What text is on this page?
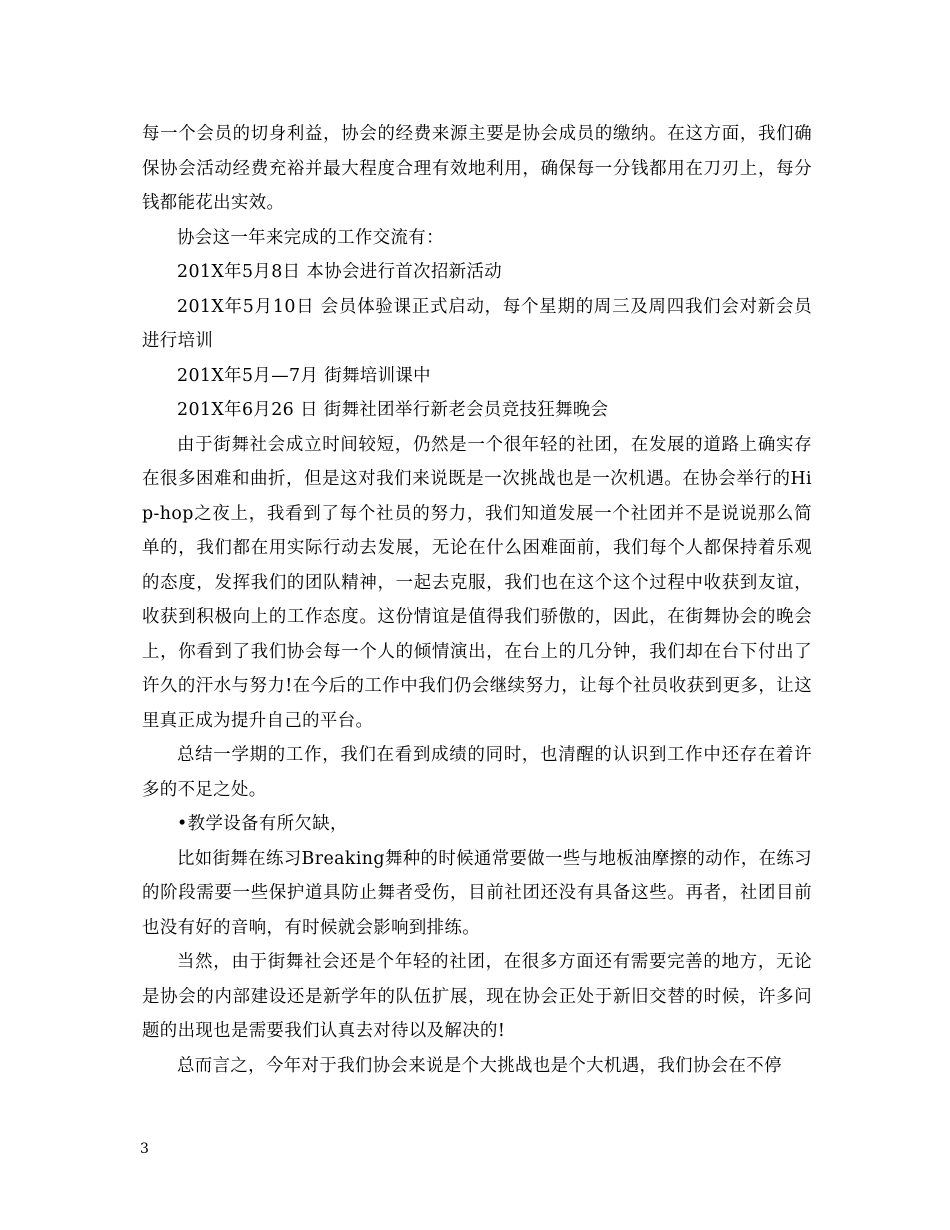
每一个会员的切身利益，协会的经费来源主要是协会成员的缴纳。在这方面，我们确保协会活动经费充裕并最大程度合理有效地利用，确保每一分钱都用在刀刃上，每分钱都能花出实效。

协会这一年来完成的工作交流有：

201X年5月8日 本协会进行首次招新活动

201X年5月10日 会员体验课正式启动，每个星期的周三及周四我们会对新会员进行培训

201X年5月—7月 街舞培训课中

201X年6月26 日 街舞社团举行新老会员竞技狂舞晚会

由于街舞社会成立时间较短，仍然是一个很年轻的社团，在发展的道路上确实存在很多困难和曲折，但是这对我们来说既是一次挑战也是一次机遇。在协会举行的Hip-hop之夜上，我看到了每个社员的努力，我们知道发展一个社团并不是说说那么简单的，我们都在用实际行动去发展，无论在什么困难面前，我们每个人都保持着乐观的态度，发挥我们的团队精神，一起去克服，我们也在这个这个过程中收获到友谊，收获到积极向上的工作态度。这份情谊是值得我们骄傲的，因此，在街舞协会的晚会上，你看到了我们协会每一个人的倾情演出，在台上的几分钟，我们却在台下付出了许久的汗水与努力!在今后的工作中我们仍会继续努力，让每个社员收获到更多，让这里真正成为提升自己的平台。

总结一学期的工作，我们在看到成绩的同时，也清醒的认识到工作中还存在着许多的不足之处。

•教学设备有所欠缺，

比如街舞在练习Breaking舞种的时候通常要做一些与地板油摩擦的动作，在练习的阶段需要一些保护道具防止舞者受伤，目前社团还没有具备这些。再者，社团目前也没有好的音响，有时候就会影响到排练。

当然，由于街舞社会还是个年轻的社团，在很多方面还有需要完善的地方，无论是协会的内部建设还是新学年的队伍扩展，现在协会正处于新旧交替的时候，许多问题的出现也是需要我们认真去对待以及解决的!

总而言之，今年对于我们协会来说是个大挑战也是个大机遇，我们协会在不停

3
